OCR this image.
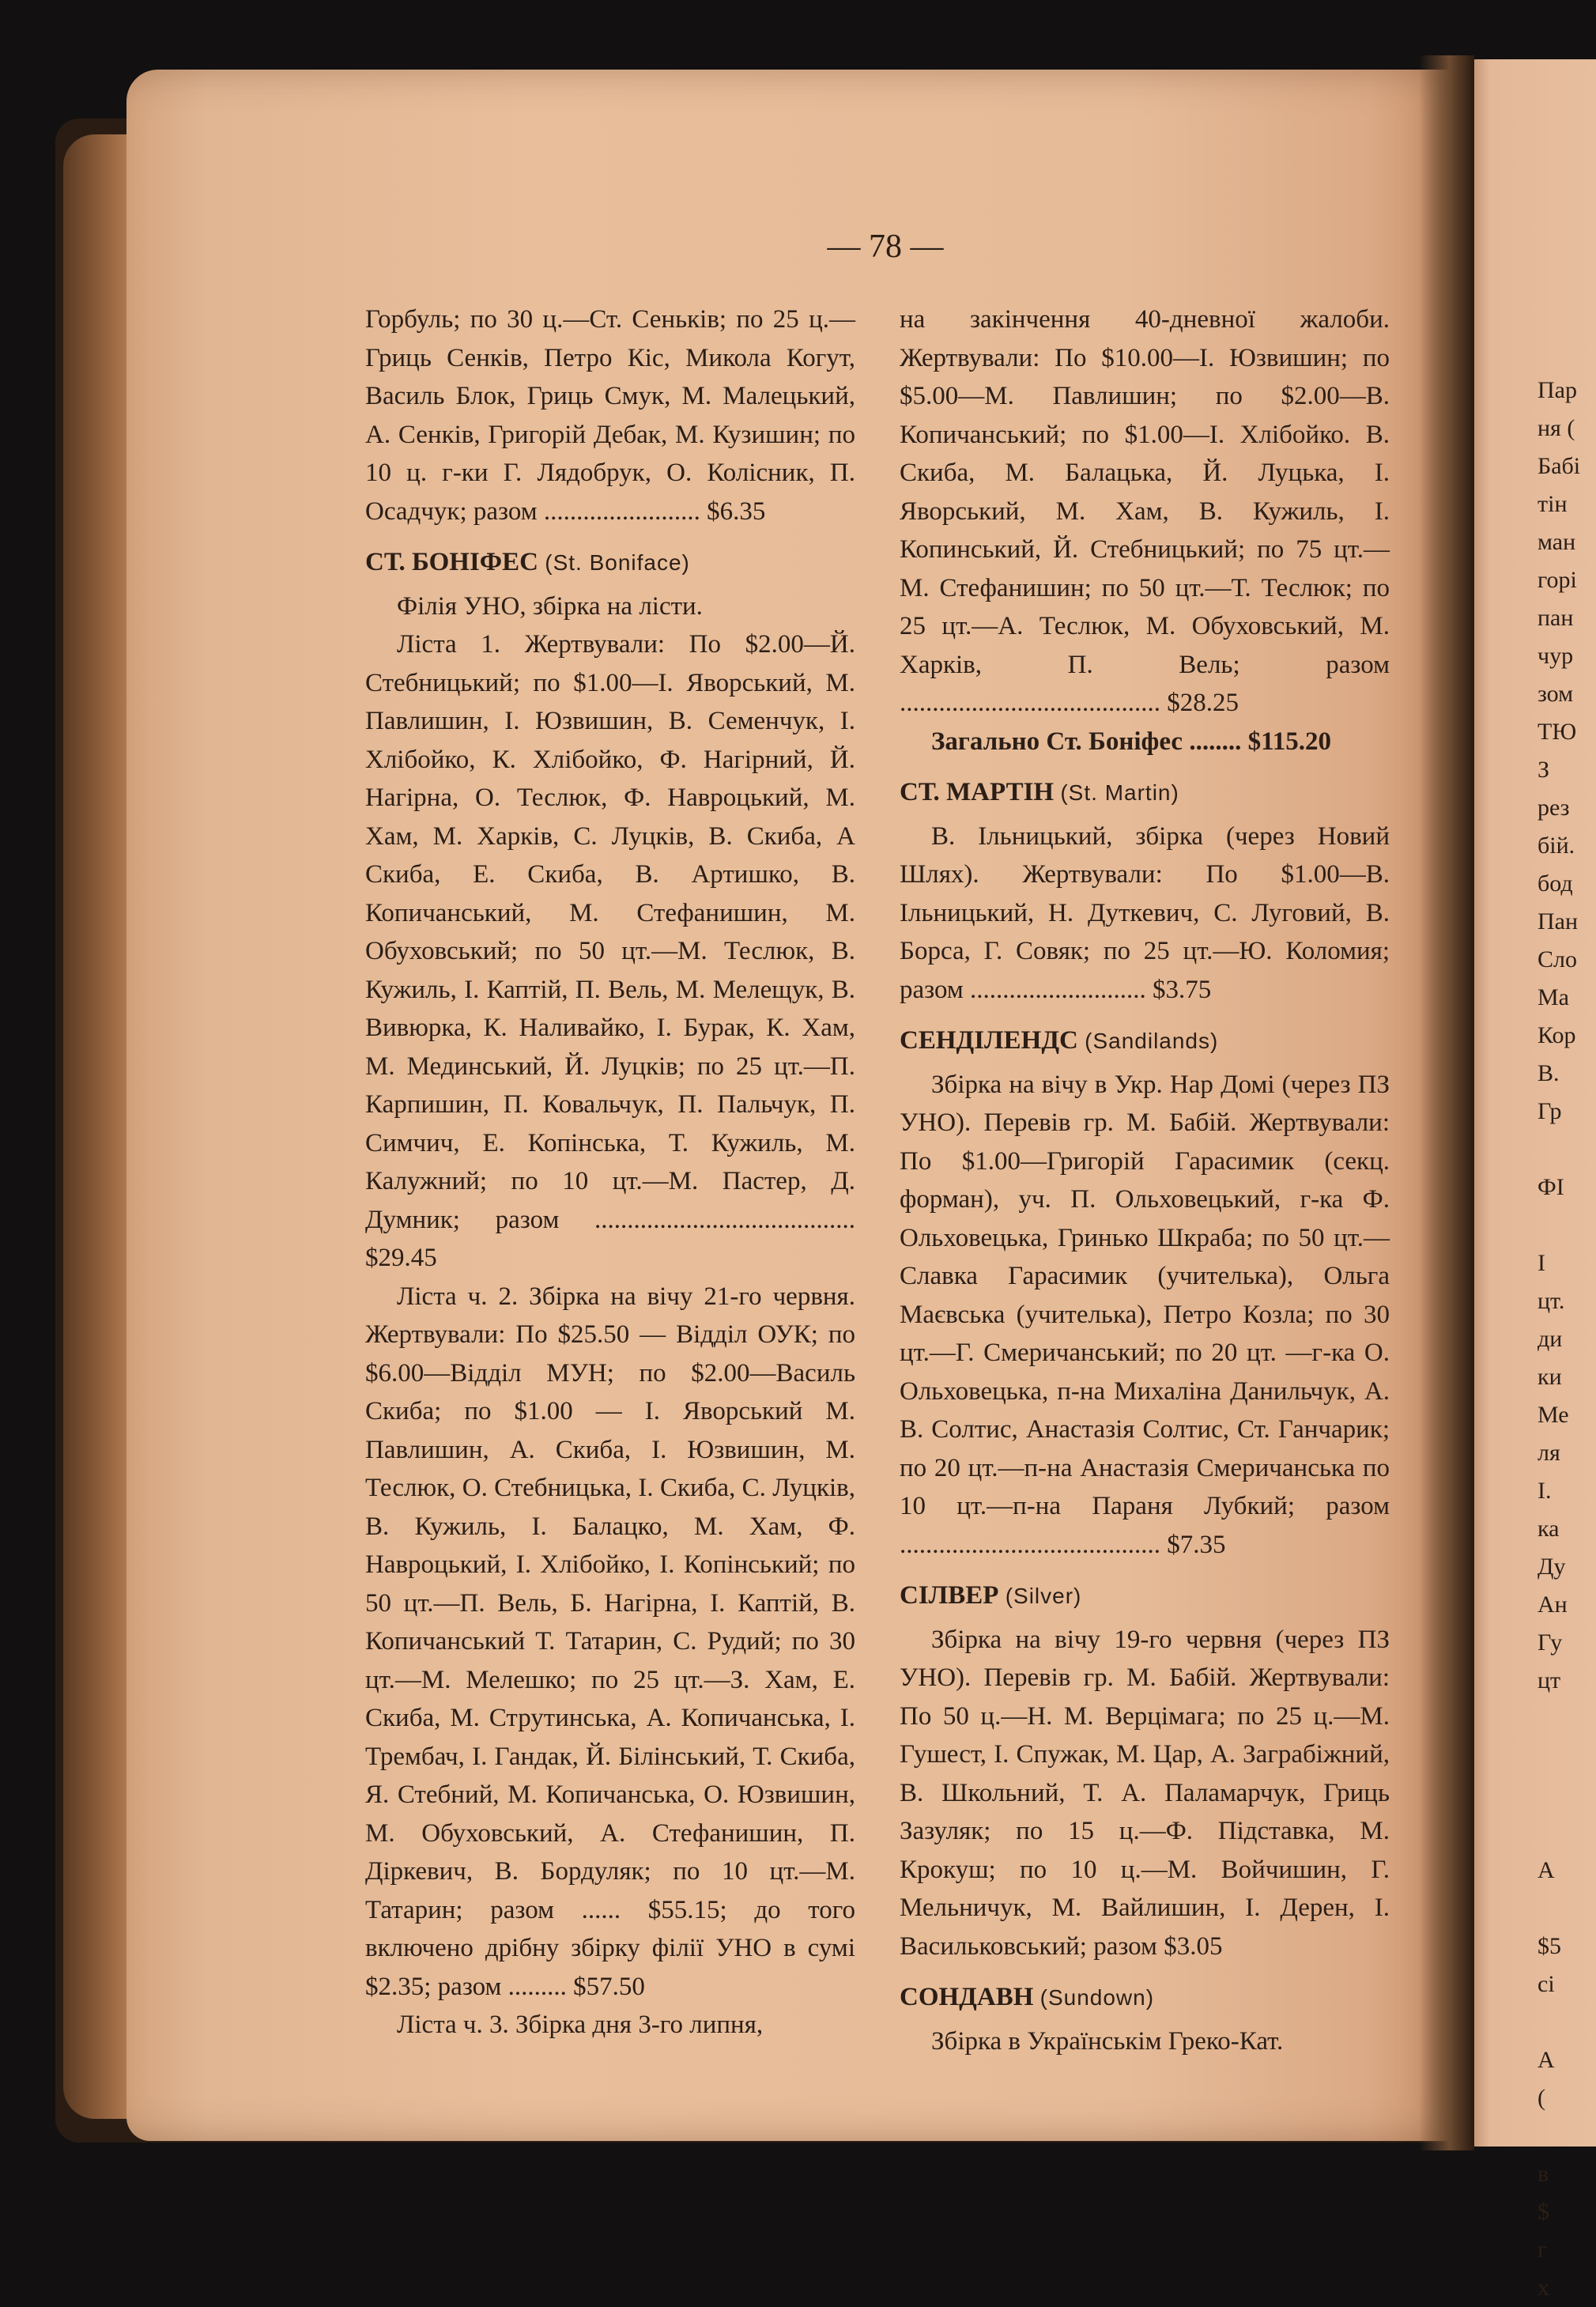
— 78 —

Горбуль; по 30 ц.—Ст. Сеньків; по 25 ц.—Гриць Сенків, Петро Кіс, Микола Когут, Василь Блок, Гриць Смук, М. Малецький, А. Сенків, Григорій Дебак, М. Кузишин; по 10 ц. г-ки Г. Лядобрук, О. Колісник, П. Осадчук; разом ........................ $6.35

СТ. БОНІФЕС (St. Boniface)

Філія УНО, збірка на лісти.

Ліста 1. Жертвували: По $2.00—Й. Стебницький; по $1.00—І. Яворський, М. Павлишин, І. Юзвишин, В. Семенчук, І. Хлібойко, К. Хлібойко, Ф. Нагірний, Й. Нагірна, О. Теслюк, Ф. Навроцький, М. Хам, М. Харків, С. Луцків, В. Скиба, А Скиба, Е. Скиба, В. Артишко, В. Копичанський, М. Стефанишин, М. Обуховський; по 50 цт.—М. Теслюк, В. Кужиль, І. Каптій, П. Вель, М. Мелещук, В. Вивюрка, К. Наливайко, І. Бурак, К. Хам, М. Мединський, Й. Луцків; по 25 цт.—П. Карпишин, П. Ковальчук, П. Пальчук, П. Симчич, Е. Копінська, Т. Кужиль, М. Калужний; по 10 цт.—М. Пастер, Д. Думник; разом ........................................ $29.45

Ліста ч. 2. Збірка на вічу 21-го червня. Жертвували: По $25.50 — Відділ ОУК; по $6.00—Відділ МУН; по $2.00—Василь Скиба; по $1.00 — І. Яворський М. Павлишин, А. Скиба, І. Юзвишин, М. Теслюк, О. Стебницька, І. Скиба, С. Луцків, В. Кужиль, І. Балацко, М. Хам, Ф. Навроцький, І. Хлібойко, І. Копінський; по 50 цт.—П. Вель, Б. Нагірна, І. Каптій, В. Копичанський Т. Татарин, С. Рудий; по 30 цт.—М. Мелешко; по 25 цт.—З. Хам, Е. Скиба, М. Струтинська, А. Копичанська, І. Трембач, І. Гандак, Й. Білінський, Т. Скиба, Я. Стебний, М. Копичанська, О. Юзвишин, М. Обуховський, А. Стефанишин, П. Діркевич, В. Бордуляк; по 10 цт.—М. Татарин; разом ...... $55.15; до того включено дрібну збірку філії УНО в сумі $2.35; разом ......... $57.50

Ліста ч. 3. Збірка дня 3-го липня,

на закінчення 40-дневної жалоби. Жертвували: По $10.00—І. Юзвишин; по $5.00—М. Павлишин; по $2.00—В. Копичанський; по $1.00—І. Хлібойко. В. Скиба, М. Балацька, Й. Луцька, І. Яворський, М. Хам, В. Кужиль, І. Копинський, Й. Стебницький; по 75 цт.—М. Стефанишин; по 50 цт.—Т. Теслюк; по 25 цт.—А. Теслюк, М. Обуховський, М. Харків, П. Вель; разом ........................................ $28.25

Загально Ст. Боніфес ........ $115.20

СТ. МАРТІН (St. Martin)

В. Ільницький, збірка (через Новий Шлях). Жертвували: По $1.00—В. Ільницький, Н. Дуткевич, С. Луговий, В. Борса, Г. Совяк; по 25 цт.—Ю. Коломия; разом ........................... $3.75

СЕНДІЛЕНДС (Sandilands)

Збірка на вічу в Укр. Нар Домі (через ПЗ УНО). Перевів гр. М. Бабій. Жертвували: По $1.00—Григорій Гарасимик (секц. форман), уч. П. Ольховецький, г-ка Ф. Ольховецька, Гринько Шкраба; по 50 цт.—Славка Гарасимик (учителька), Ольга Маєвська (учителька), Петро Козла; по 30 цт.—Г. Смеричанський; по 20 цт. —г-ка О. Ольховецька, п-на Михаліна Данильчук, А. В. Солтис, Анастазія Солтис, Ст. Ганчарик; по 20 цт.—п-на Анастазія Смеричанська по 10 цт.—п-на Параня Лубкий; разом ........................................ $7.35

СІЛВЕР (Silver)

Збірка на вічу 19-го червня (через ПЗ УНО). Перевів гр. М. Бабій. Жертвували: По 50 ц.—Н. М. Верцімага; по 25 ц.—М. Гушест, І. Спужак, М. Цар, А. Заграбіжний, В. Школьний, Т. А. Паламарчук, Гриць Зазуляк; по 15 ц.—Ф. Підставка, М. Крокуш; по 10 ц.—М. Войчишин, Г. Мельничук, М. Вайлишин, І. Дерен, І. Васильковський; разом $3.05

СОНДАВН (Sundown)

Збірка в Українськім Греко-Кат.

Пар
ня (
Бабі
тін
ман
горі
пан
чур
зом
ТЮ
З
рез
бій.
бод
Пан
Сло
Ма
Кор
В.
Гр
ФІ
І
цт.
ди
ки
Ме
ля
І.
ка
Ду
Ан
Гу
цт
А
$5
сі
А
(
в
$
г
х
